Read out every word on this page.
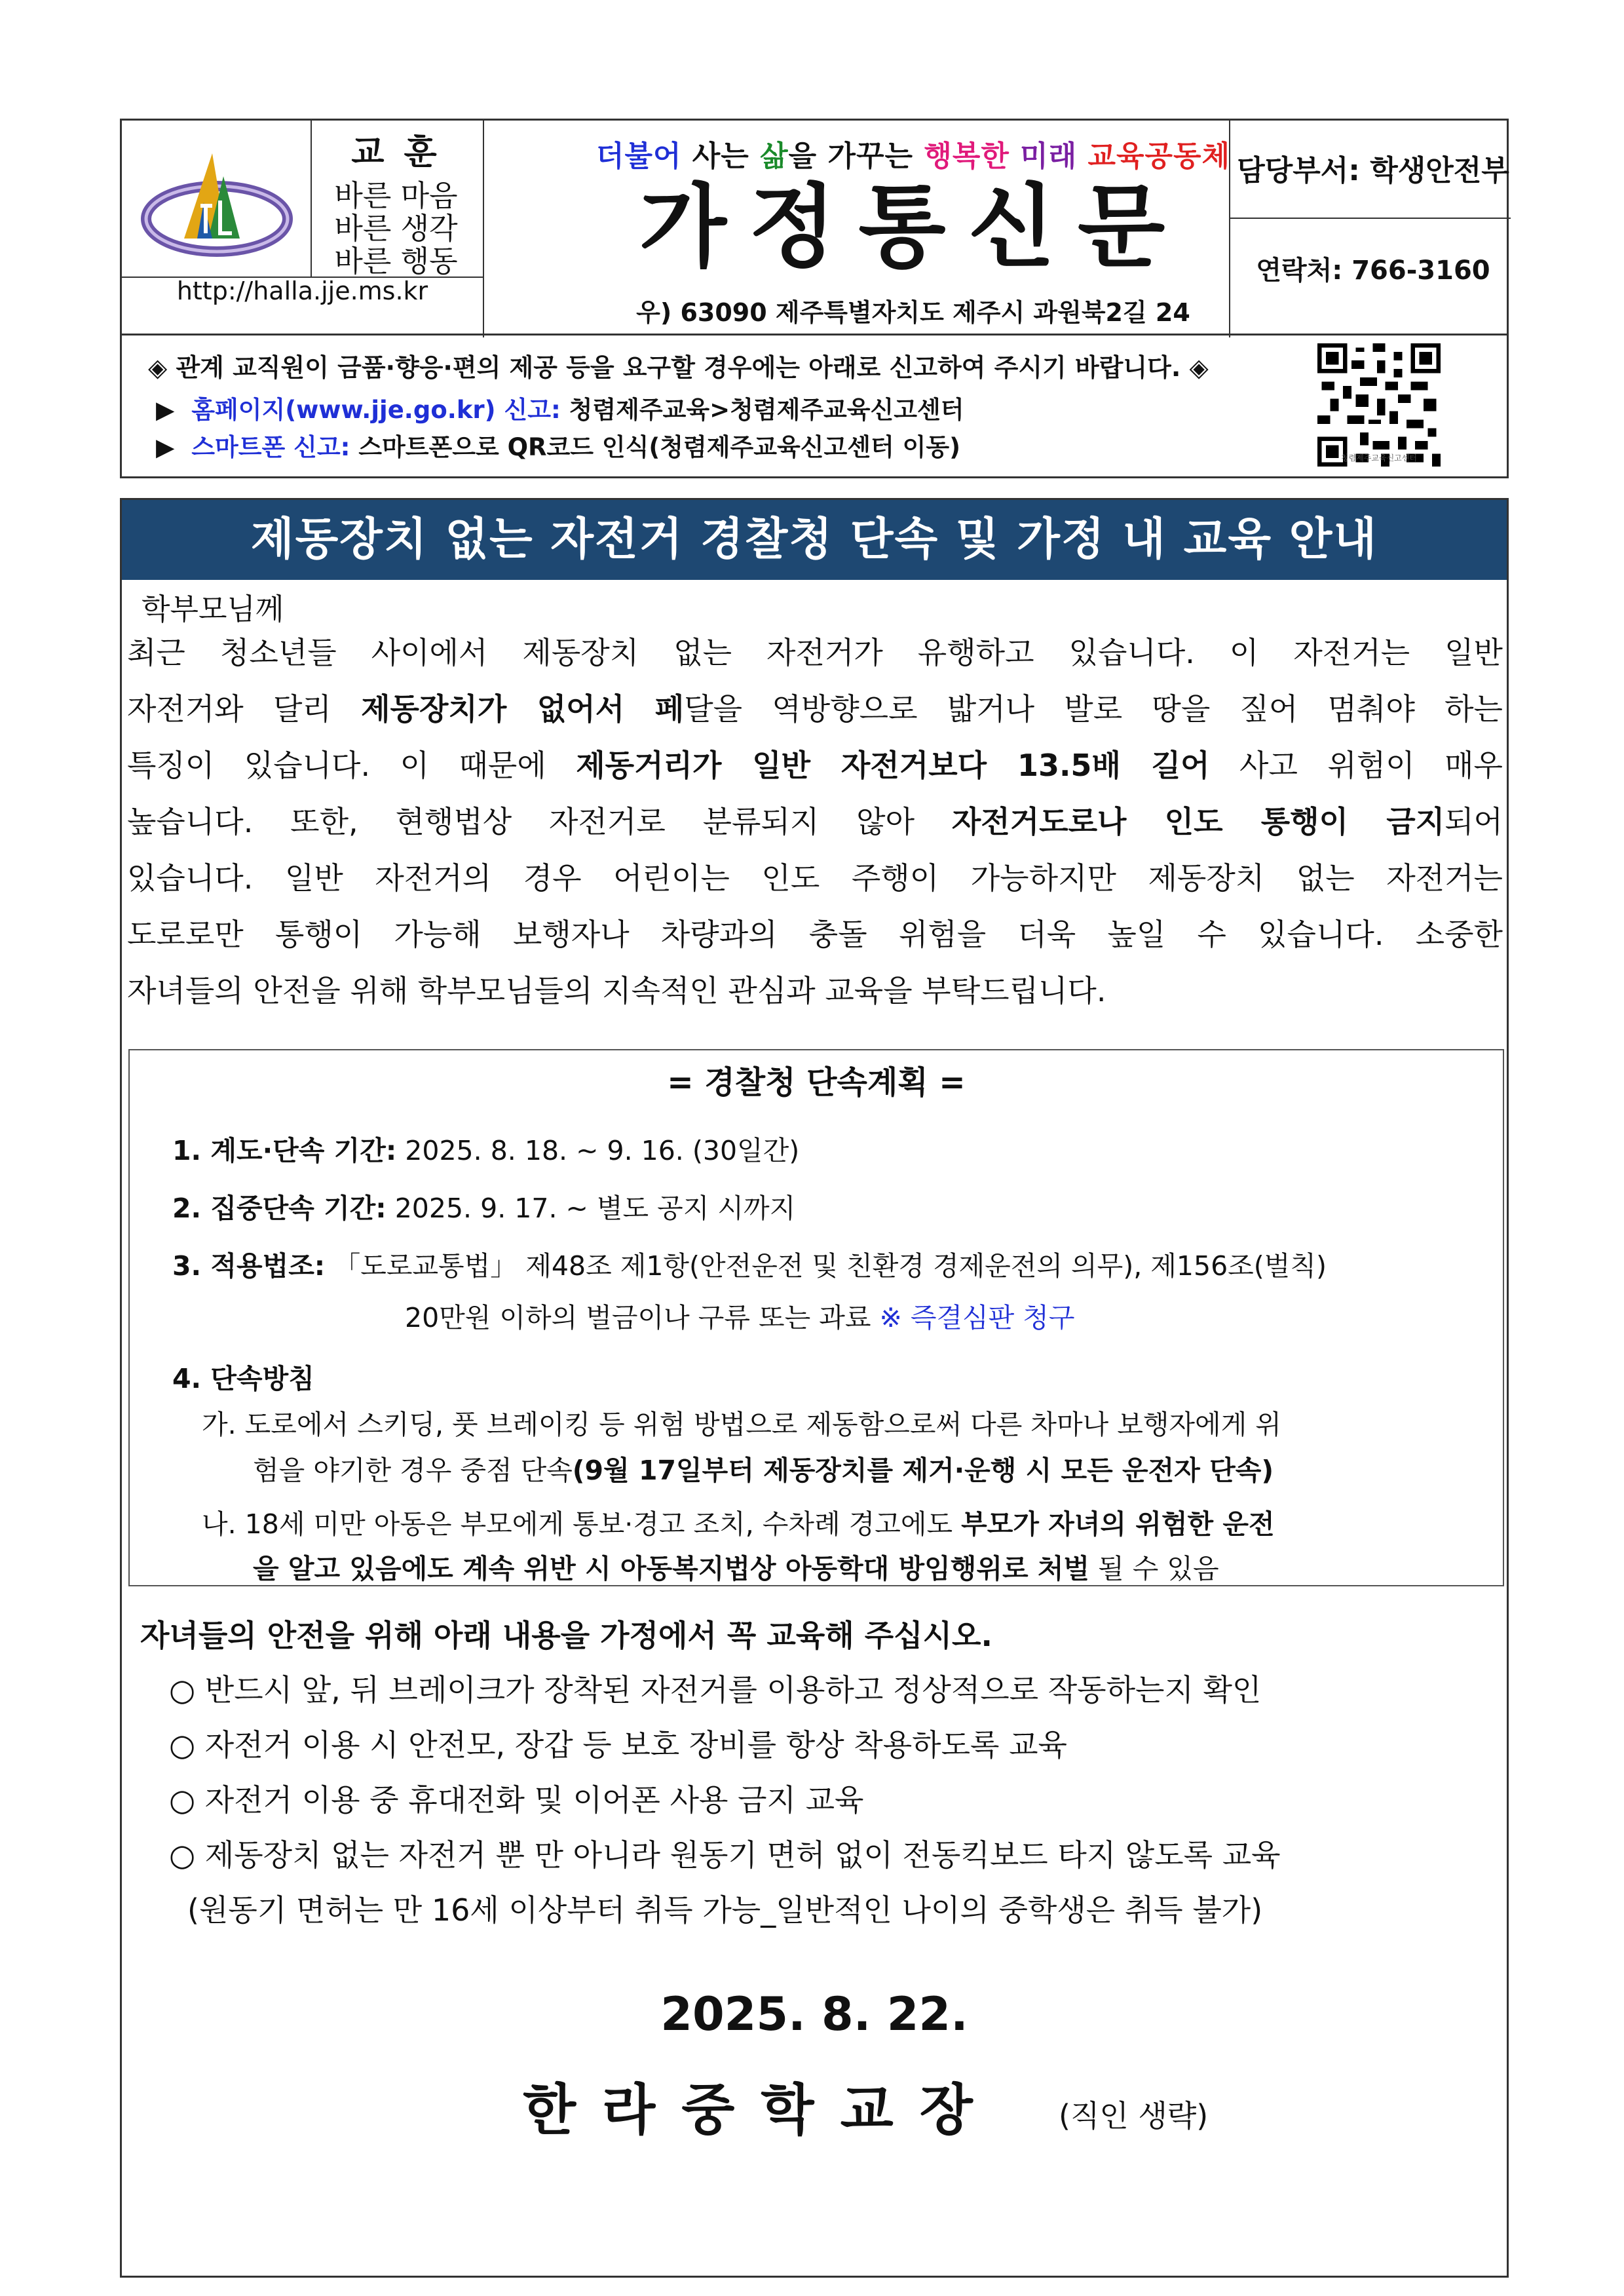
교 훈
바른 마음
바른 생각
바른 행동
http://halla.jje.ms.kr
더불어 사는 삶을 가꾸는 행복한 미래 교육공동체
가정통신문
우) 63090 제주특별자치도 제주시 과원북2길 24
담당부서: 학생안전부
연락처: 766-3160
◈ 관계 교직원이 금품·향응·편의 제공 등을 요구할 경우에는 아래로 신고하여 주시기 바랍니다. ◈
▶ 홈페이지(www.jje.go.kr) 신고: 청렴제주교육>청렴제주교육신고센터
▶ 스마트폰 신고: 스마트폰으로 QR코드 인식(청렴제주교육신고센터 이동)	청렴제주교육신고센터
제동장치 없는 자전거 경찰청 단속 및 가정 내 교육 안내
학부모님께
최근 청소년들 사이에서 제동장치 없는 자전거가 유행하고 있습니다. 이 자전거는 일반
자전거와 달리 제동장치가 없어서 페달을 역방향으로 밟거나 발로 땅을 짚어 멈춰야 하는
특징이 있습니다. 이 때문에 제동거리가 일반 자전거보다 13.5배 길어 사고 위험이 매우
높습니다. 또한, 현행법상 자전거로 분류되지 않아 자전거도로나 인도 통행이 금지되어
있습니다. 일반 자전거의 경우 어린이는 인도 주행이 가능하지만 제동장치 없는 자전거는
도로로만 통행이 가능해 보행자나 차량과의 충돌 위험을 더욱 높일 수 있습니다. 소중한
자녀들의 안전을 위해 학부모님들의 지속적인 관심과 교육을 부탁드립니다.
= 경찰청 단속계획 =
1. 계도·단속 기간: 2025. 8. 18. ~ 9. 16. (30일간)
2. 집중단속 기간: 2025. 9. 17. ~ 별도 공지 시까지
3. 적용법조: 「도로교통법」 제48조 제1항(안전운전 및 친환경 경제운전의 의무), 제156조(벌칙)
20만원 이하의 벌금이나 구류 또는 과료 ※ 즉결심판 청구
4. 단속방침
가. 도로에서 스키딩, 풋 브레이킹 등 위험 방법으로 제동함으로써 다른 차마나 보행자에게 위
험을 야기한 경우 중점 단속(9월 17일부터 제동장치를 제거·운행 시 모든 운전자 단속)
나. 18세 미만 아동은 부모에게 통보·경고 조치, 수차례 경고에도 부모가 자녀의 위험한 운전
을 알고 있음에도 계속 위반 시 아동복지법상 아동학대 방임행위로 처벌 될 수 있음
자녀들의 안전을 위해 아래 내용을 가정에서 꼭 교육해 주십시오.
○ 반드시 앞, 뒤 브레이크가 장착된 자전거를 이용하고 정상적으로 작동하는지 확인
○ 자전거 이용 시 안전모, 장갑 등 보호 장비를 항상 착용하도록 교육
○ 자전거 이용 중 휴대전화 및 이어폰 사용 금지 교육
○ 제동장치 없는 자전거 뿐 만 아니라 원동기 면허 없이 전동킥보드 타지 않도록 교육
(원동기 면허는 만 16세 이상부터 취득 가능_일반적인 나이의 중학생은 취득 불가)
2025. 8. 22.
한라중학교장 (직인 생략)
